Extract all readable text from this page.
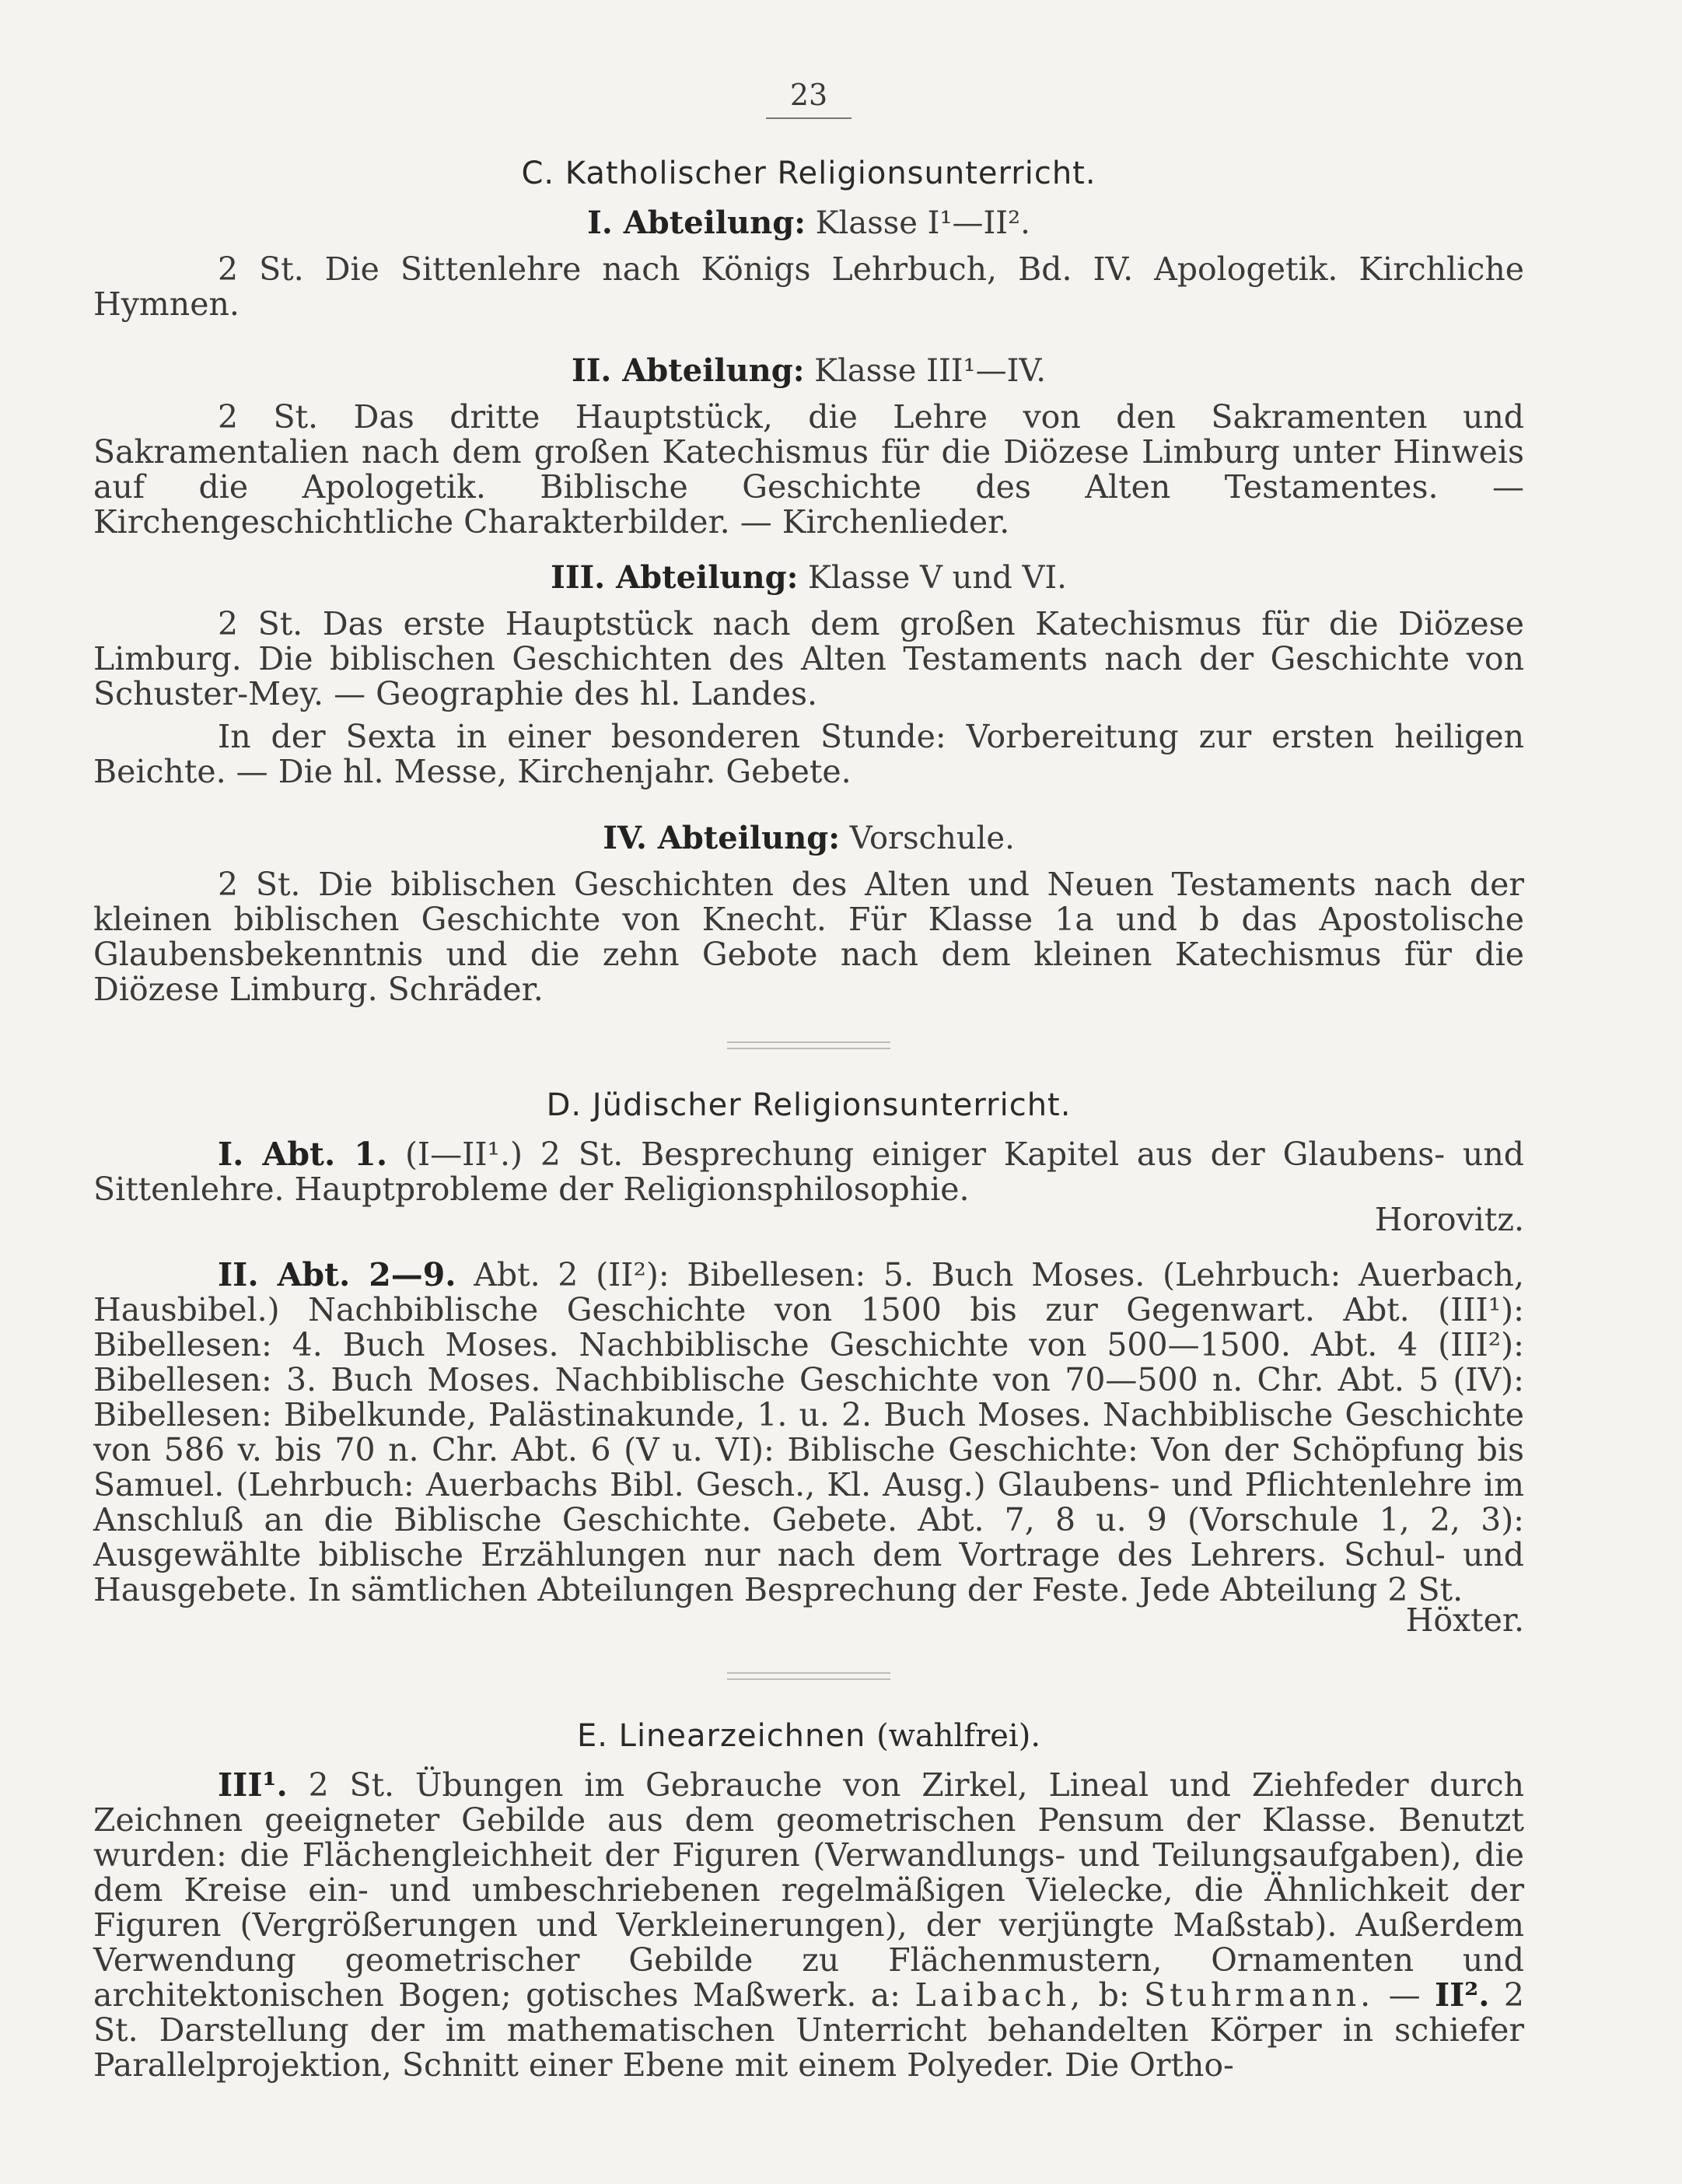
23
C. Katholischer Religionsunterricht.
I. Abteilung: Klasse I¹—II².

2 St. Die Sittenlehre nach Königs Lehrbuch, Bd. IV. Apologetik. Kirchliche Hymnen.

II. Abteilung: Klasse III¹—IV.

2 St. Das dritte Hauptstück, die Lehre von den Sakramenten und Sakramentalien nach dem großen Katechismus für die Diözese Limburg unter Hinweis auf die Apologetik. Biblische Geschichte des Alten Testamentes. — Kirchengeschichtliche Charakterbilder. — Kirchenlieder.

III. Abteilung: Klasse V und VI.

2 St. Das erste Hauptstück nach dem großen Katechismus für die Diözese Limburg. Die biblischen Geschichten des Alten Testaments nach der Geschichte von Schuster-Mey. — Geographie des hl. Landes.

In der Sexta in einer besonderen Stunde: Vorbereitung zur ersten heiligen Beichte. — Die hl. Messe, Kirchenjahr. Gebete.

IV. Abteilung: Vorschule.

2 St. Die biblischen Geschichten des Alten und Neuen Testaments nach der kleinen biblischen Geschichte von Knecht. Für Klasse 1a und b das Apostolische Glaubensbekenntnis und die zehn Gebote nach dem kleinen Katechismus für die Diözese Limburg. Schräder.

D. Jüdischer Religionsunterricht.

I. Abt. 1. (I—II¹.) 2 St. Besprechung einiger Kapitel aus der Glaubens- und Sittenlehre. Hauptprobleme der Religionsphilosophie.
Horovitz.

II. Abt. 2—9. Abt. 2 (II²): Bibellesen: 5. Buch Moses. (Lehrbuch: Auerbach, Hausbibel.) Nachbiblische Geschichte von 1500 bis zur Gegenwart. Abt. (III¹): Bibellesen: 4. Buch Moses. Nachbiblische Geschichte von 500—1500. Abt. 4 (III²): Bibellesen: 3. Buch Moses. Nachbiblische Geschichte von 70—500 n. Chr. Abt. 5 (IV): Bibellesen: Bibelkunde, Palästinakunde, 1. u. 2. Buch Moses. Nachbiblische Geschichte von 586 v. bis 70 n. Chr. Abt. 6 (V u. VI): Biblische Geschichte: Von der Schöpfung bis Samuel. (Lehrbuch: Auerbachs Bibl. Gesch., Kl. Ausg.) Glaubens- und Pflichtenlehre im Anschluß an die Biblische Geschichte. Gebete. Abt. 7, 8 u. 9 (Vorschule 1, 2, 3): Ausgewählte biblische Erzählungen nur nach dem Vortrage des Lehrers. Schul- und Hausgebete. In sämtlichen Abteilungen Besprechung der Feste. Jede Abteilung 2 St.
Höxter.

E. Linearzeichnen (wahlfrei).

III¹. 2 St. Übungen im Gebrauche von Zirkel, Lineal und Ziehfeder durch Zeichnen geeigneter Gebilde aus dem geometrischen Pensum der Klasse. Benutzt wurden: die Flächengleichheit der Figuren (Verwandlungs- und Teilungsaufgaben), die dem Kreise ein- und umbeschriebenen regelmäßigen Vielecke, die Ähnlichkeit der Figuren (Vergrößerungen und Verkleinerungen), der verjüngte Maßstab). Außerdem Verwendung geometrischer Gebilde zu Flächenmustern, Ornamenten und architektonischen Bogen; gotisches Maßwerk. a: Laibach, b: Stuhrmann. — II². 2 St. Darstellung der im mathematischen Unterricht behandelten Körper in schiefer Parallelprojektion, Schnitt einer Ebene mit einem Polyeder. Die Ortho-
